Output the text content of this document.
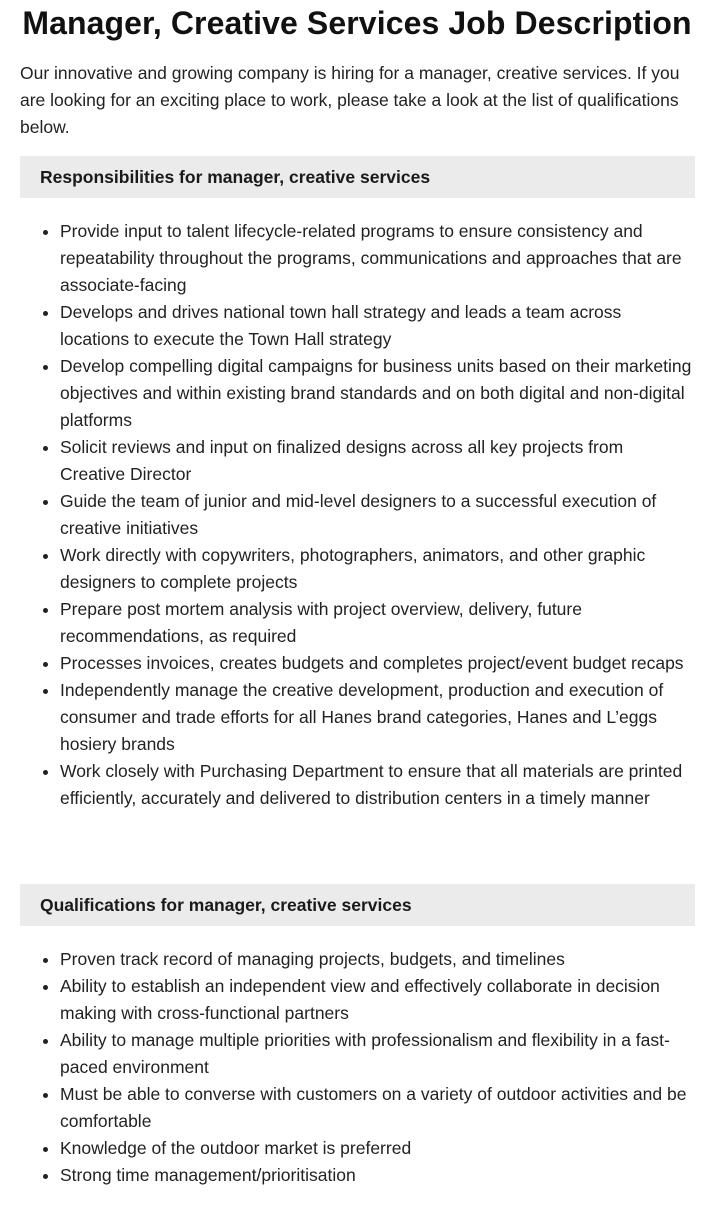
Manager, Creative Services Job Description

Our innovative and growing company is hiring for a manager, creative services. If you are looking for an exciting place to work, please take a look at the list of qualifications below.

Responsibilities for manager, creative services
• Provide input to talent lifecycle-related programs to ensure consistency and repeatability throughout the programs, communications and approaches that are associate-facing
• Develops and drives national town hall strategy and leads a team across locations to execute the Town Hall strategy
• Develop compelling digital campaigns for business units based on their marketing objectives and within existing brand standards and on both digital and non-digital platforms
• Solicit reviews and input on finalized designs across all key projects from Creative Director
• Guide the team of junior and mid-level designers to a successful execution of creative initiatives
• Work directly with copywriters, photographers, animators, and other graphic designers to complete projects
• Prepare post mortem analysis with project overview, delivery, future recommendations, as required
• Processes invoices, creates budgets and completes project/event budget recaps
• Independently manage the creative development, production and execution of consumer and trade efforts for all Hanes brand categories, Hanes and L’eggs hosiery brands
• Work closely with Purchasing Department to ensure that all materials are printed efficiently, accurately and delivered to distribution centers in a timely manner
Qualifications for manager, creative services
• Proven track record of managing projects, budgets, and timelines
• Ability to establish an independent view and effectively collaborate in decision making with cross-functional partners
• Ability to manage multiple priorities with professionalism and flexibility in a fast-paced environment
• Must be able to converse with customers on a variety of outdoor activities and be comfortable
• Knowledge of the outdoor market is preferred
• Strong time management/prioritisation
